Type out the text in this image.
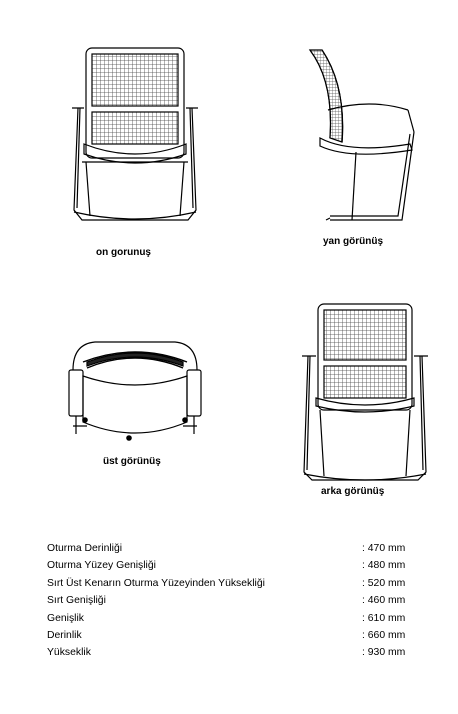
on gorunuş
yan görünüş
üst görünüş
arka görünüş
Oturma Derinliği	: 470 mm
Oturma Yüzey Genişliği	: 480 mm
Sırt Üst Kenarın Oturma Yüzeyinden Yüksekliği	: 520 mm
Sırt Genişliği	: 460 mm
Genişlik	: 610 mm
Derinlik	: 660 mm
Yükseklik	: 930 mm
